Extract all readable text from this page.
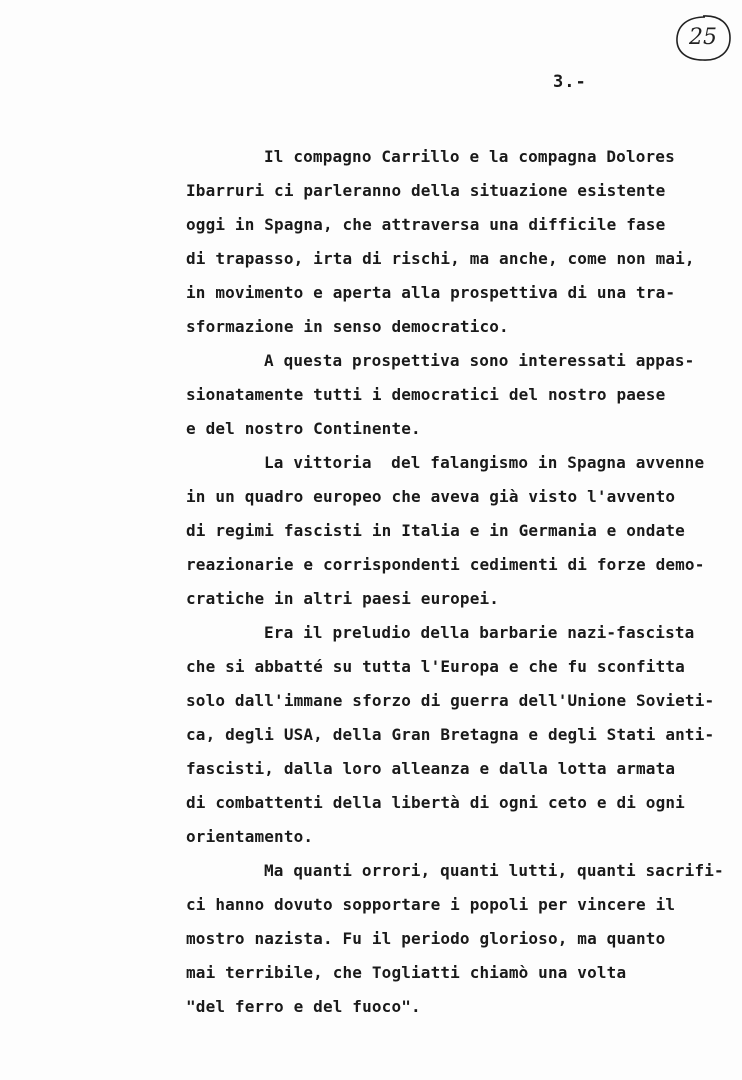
25
3.-
Il compagno Carrillo e la compagna Dolores
Ibarruri ci parleranno della situazione esistente
oggi in Spagna, che attraversa una difficile fase
di trapasso, irta di rischi, ma anche, come non mai,
in movimento e aperta alla prospettiva di una tra-
sformazione in senso democratico.
A questa prospettiva sono interessati appas-
sionatamente tutti i democratici del nostro paese
e del nostro Continente.
La vittoria  del falangismo in Spagna avvenne
in un quadro europeo che aveva già visto l'avvento
di regimi fascisti in Italia e in Germania e ondate
reazionarie e corrispondenti cedimenti di forze demo-
cratiche in altri paesi europei.
Era il preludio della barbarie nazi-fascista
che si abbatté su tutta l'Europa e che fu sconfitta
solo dall'immane sforzo di guerra dell'Unione Sovieti-
ca, degli USA, della Gran Bretagna e degli Stati anti-
fascisti, dalla loro alleanza e dalla lotta armata
di combattenti della libertà di ogni ceto e di ogni
orientamento.
Ma quanti orrori, quanti lutti, quanti sacrifi-
ci hanno dovuto sopportare i popoli per vincere il
mostro nazista. Fu il periodo glorioso, ma quanto
mai terribile, che Togliatti chiamò una volta
"del ferro e del fuoco".
